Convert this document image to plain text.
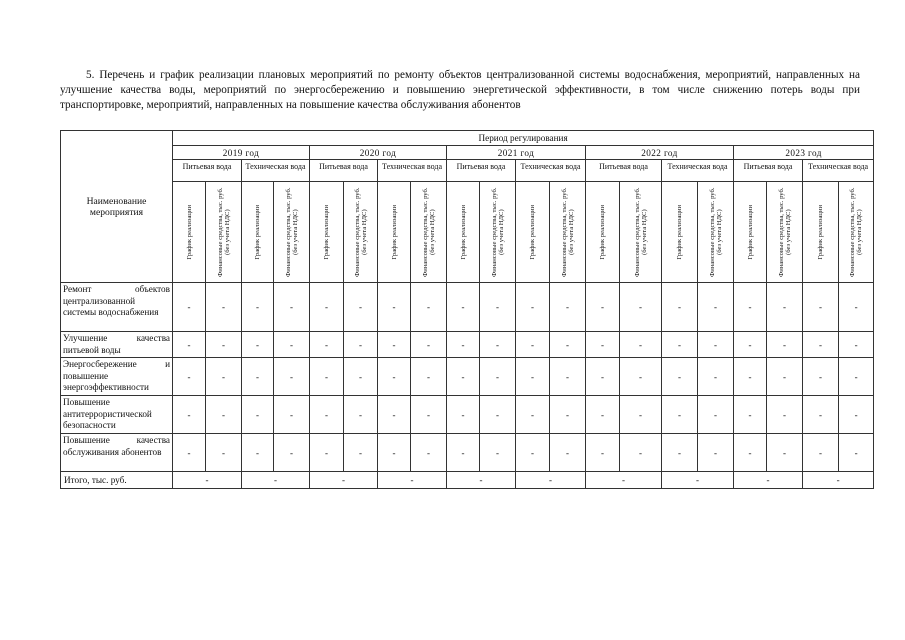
5. Перечень и график реализации плановых мероприятий по ремонту объектов централизованной системы водоснабжения, мероприятий, направленных на улучшение качества воды, мероприятий по энергосбережению и повышению энергетической эффективности, в том числе снижению потерь воды при транспортировке, мероприятий, направленных на повышение качества обслуживания абонентов

Наименование мероприятия	Период регулирования																			
	2019 год				2020 год				2021 год				2022 год				2023 год			
	Питьевая вода		Техническая вода		Питьевая вода		Техническая вода		Питьевая вода		Техническая вода		Питьевая вода		Техническая вода		Питьевая вода		Техническая вода	

	График реализации	Финансовые средства, тыс. руб. (без учета НДС)	График реализации	Финансовые средства, тыс. руб. (без учета НДС)	График реализации	Финансовые средства, тыс. руб. (без учета НДС)	График реализации	Финансовые средства, тыс. руб. (без учета НДС)	График реализации	Финансовые средства, тыс. руб. (без учета НДС)	График реализации	Финансовые средства, тыс. руб. (без учета НДС)	График реализации	Финансовые средства, тыс. руб. (без учета НДС)	График реализации	Финансовые средства, тыс. руб. (без учета НДС)	График реализации	Финансовые средства, тыс. руб. (без учета НДС)	График реализации	Финансовые средства, тыс. руб. (без учета НДС)

Ремонт объектов централизованной системы водоснабжения	-	-	-	-	-	-	-	-	-	-	-	-	-	-	-	-	-	-	-	-
Улучшение качества питьевой воды	-	-	-	-	-	-	-	-	-	-	-	-	-	-	-	-	-	-	-	-
Энергосбережение и повышение энергоэффективности	-	-	-	-	-	-	-	-	-	-	-	-	-	-	-	-	-	-	-	-
Повышение антитеррористической безопасности	-	-	-	-	-	-	-	-	-	-	-	-	-	-	-	-	-	-	-	-
Повышение качества обслуживания абонентов	-	-	-	-	-	-	-	-	-	-	-	-	-	-	-	-	-	-	-	-
Итого, тыс. руб.	-		-		-		-		-		-		-		-		-		-	
